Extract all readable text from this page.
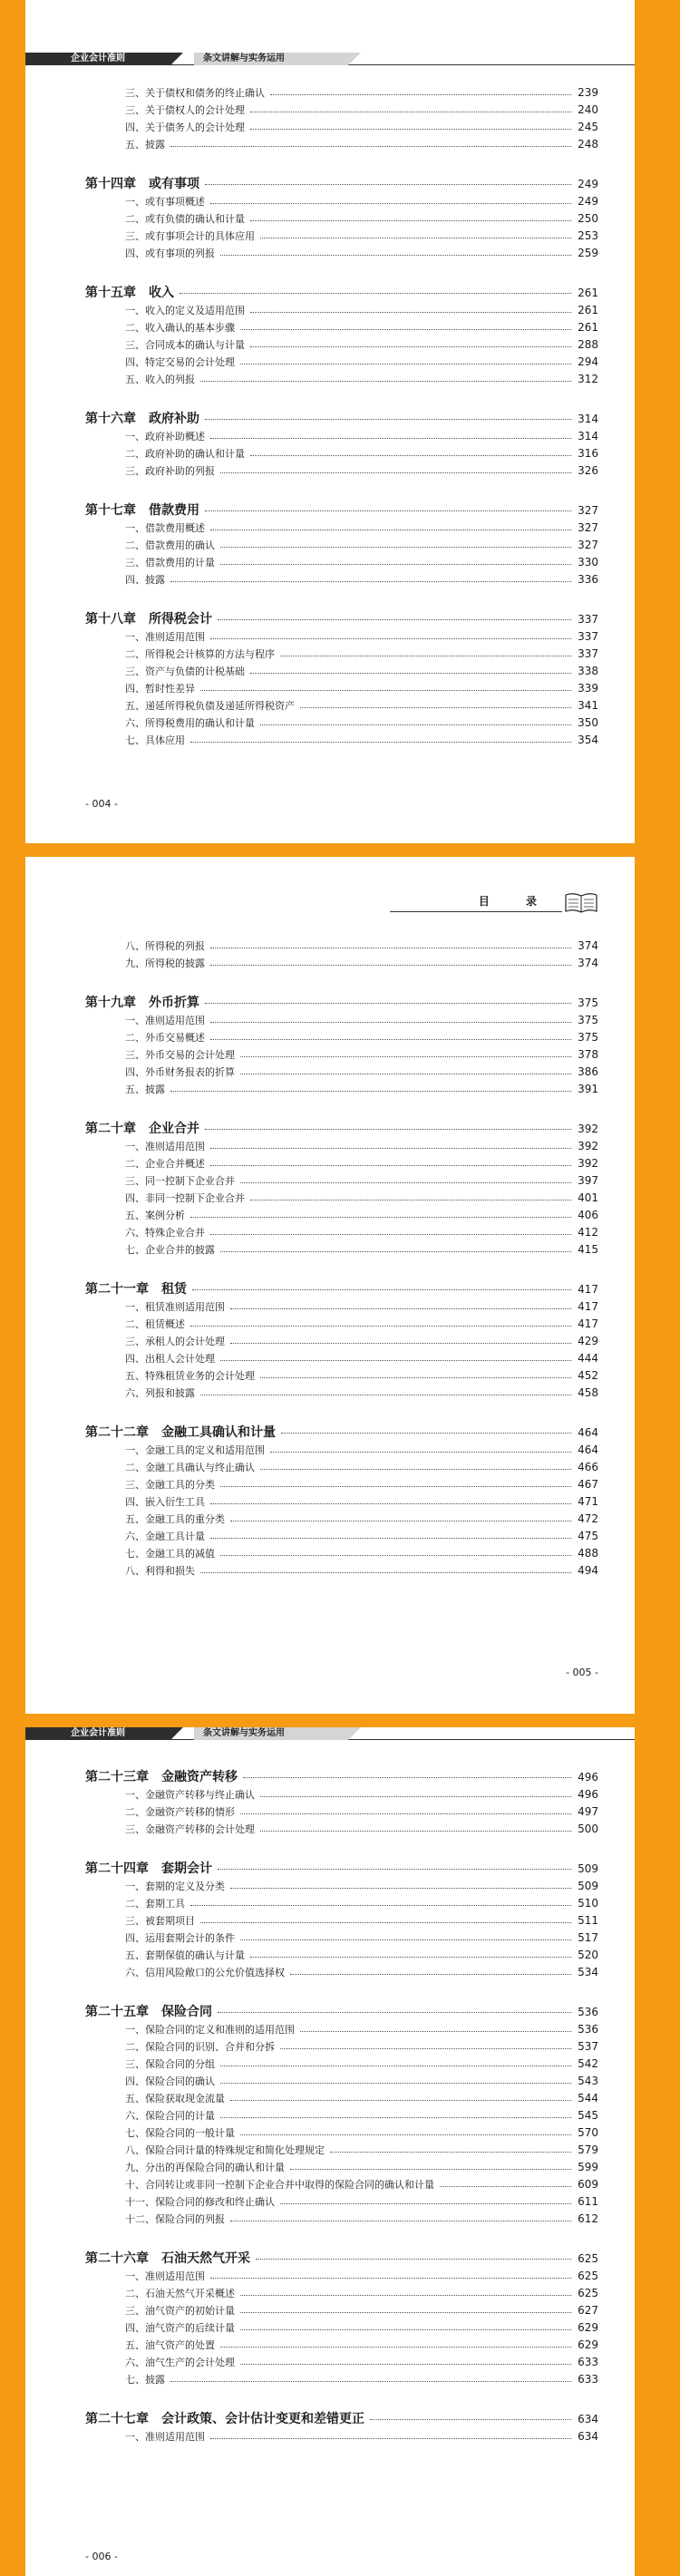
企业会计准则	条文讲解与实务运用
三、关于债权和债务的终止确认	239
三、关于债权人的会计处理	240
四、关于债务人的会计处理	245
五、披露	248
第十四章 或有事项	249
一、或有事项概述	249
二、或有负债的确认和计量	250
三、或有事项会计的具体应用	253
四、或有事项的列报	259
第十五章 收入	261
一、收入的定义及适用范围	261
二、收入确认的基本步骤	261
三、合同成本的确认与计量	288
四、特定交易的会计处理	294
五、收入的列报	312
第十六章 政府补助	314
一、政府补助概述	314
二、政府补助的确认和计量	316
三、政府补助的列报	326
第十七章 借款费用	327
一、借款费用概述	327
二、借款费用的确认	327
三、借款费用的计量	330
四、披露	336
第十八章 所得税会计	337
一、准则适用范围	337
二、所得税会计核算的方法与程序	337
三、资产与负债的计税基础	338
四、暂时性差异	339
五、递延所得税负债及递延所得税资产	341
六、所得税费用的确认和计量	350
七、具体应用	354
- 004 -
目 录
八、所得税的列报	374
九、所得税的披露	374
第十九章 外币折算	375
一、准则适用范围	375
二、外币交易概述	375
三、外币交易的会计处理	378
四、外币财务报表的折算	386
五、披露	391
第二十章 企业合并	392
一、准则适用范围	392
二、企业合并概述	392
三、同一控制下企业合并	397
四、非同一控制下企业合并	401
五、案例分析	406
六、特殊企业合并	412
七、企业合并的披露	415
第二十一章 租赁	417
一、租赁准则适用范围	417
二、租赁概述	417
三、承租人的会计处理	429
四、出租人会计处理	444
五、特殊租赁业务的会计处理	452
六、列报和披露	458
第二十二章 金融工具确认和计量	464
一、金融工具的定义和适用范围	464
二、金融工具确认与终止确认	466
三、金融工具的分类	467
四、嵌入衍生工具	471
五、金融工具的重分类	472
六、金融工具计量	475
七、金融工具的减值	488
八、利得和损失	494
- 005 -
企业会计准则	条文讲解与实务运用
第二十三章 金融资产转移	496
一、金融资产转移与终止确认	496
二、金融资产转移的情形	497
三、金融资产转移的会计处理	500
第二十四章 套期会计	509
一、套期的定义及分类	509
二、套期工具	510
三、被套期项目	511
四、运用套期会计的条件	517
五、套期保值的确认与计量	520
六、信用风险敞口的公允价值选择权	534
第二十五章 保险合同	536
一、保险合同的定义和准则的适用范围	536
二、保险合同的识别、合并和分拆	537
三、保险合同的分组	542
四、保险合同的确认	543
五、保险获取现金流量	544
六、保险合同的计量	545
七、保险合同的一般计量	570
八、保险合同计量的特殊规定和简化处理规定	579
九、分出的再保险合同的确认和计量	599
十、合同转让或非同一控制下企业合并中取得的保险合同的确认和计量	609
十一、保险合同的修改和终止确认	611
十二、保险合同的列报	612
第二十六章 石油天然气开采	625
一、准则适用范围	625
二、石油天然气开采概述	625
三、油气资产的初始计量	627
四、油气资产的后续计量	629
五、油气资产的处置	629
六、油气生产的会计处理	633
七、披露	633
第二十七章 会计政策、会计估计变更和差错更正	634
一、准则适用范围	634
- 006 -
